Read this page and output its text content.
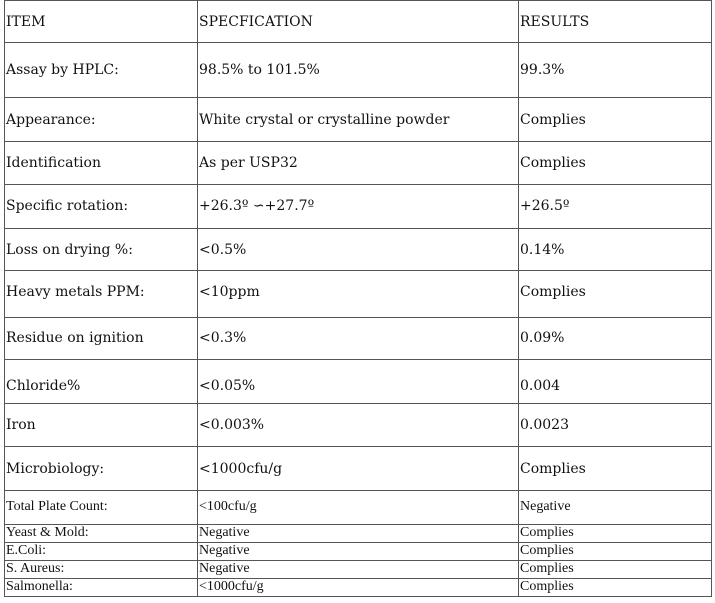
ITEM	SPECFICATION	RESULTS
Assay by HPLC:	98.5% to 101.5%	99.3%
Appearance:	White crystal or crystalline powder	Complies
Identification	As per USP32	Complies
Specific rotation:	+26.3º ∽+27.7º	+26.5º
Loss on drying %:	<0.5%	0.14%
Heavy metals PPM:	<10ppm	Complies
Residue on ignition	<0.3%	0.09%
Chloride%	<0.05%	0.004
Iron	<0.003%	0.0023
Microbiology:	<1000cfu/g	Complies
Total Plate Count:	<100cfu/g	Negative
Yeast & Mold:	Negative	Complies
E.Coli:	Negative	Complies
S. Aureus:	Negative	Complies
Salmonella:	<1000cfu/g	Complies
